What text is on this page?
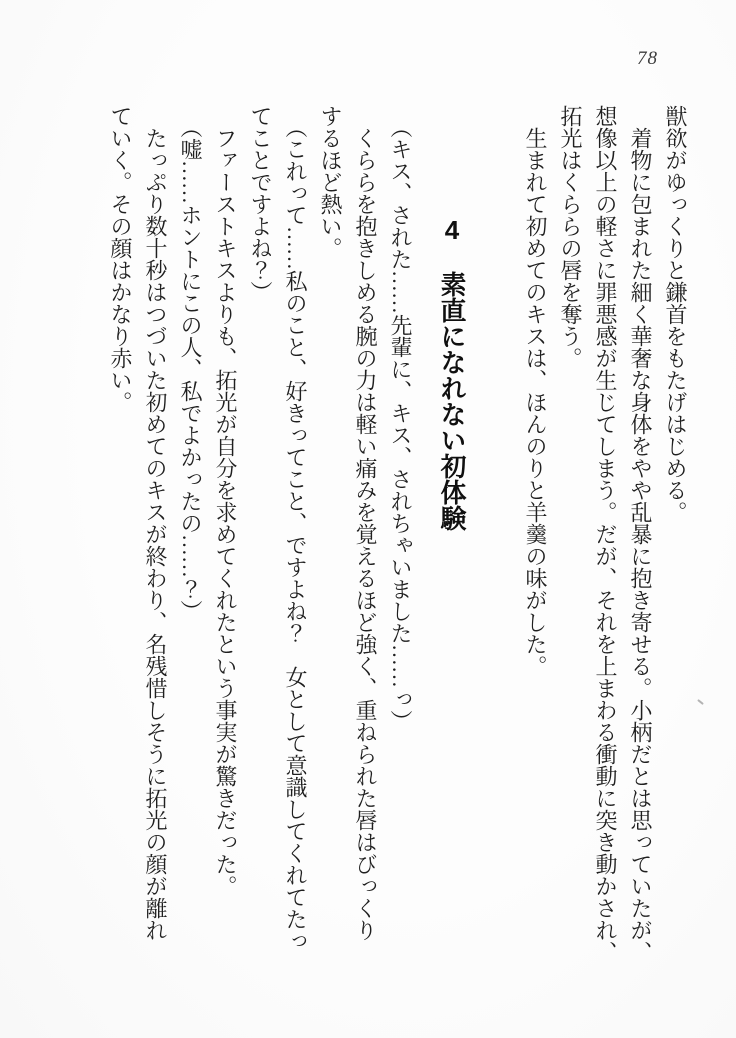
78

獣欲がゆっくりと鎌首をもたげはじめる。

着物に包まれた細く華奢な身体をやや乱暴に抱き寄せる。小柄だとは思っていたが、

想像以上の軽さに罪悪感が生じてしまう。だが、それを上まわる衝動に突き動かされ、

拓光はくららの唇を奪う。

生まれて初めてのキスは、ほんのりと羊羹の味がした。

4　素直になれない初体験

（キス、された……先輩に、キス、されちゃいました……っ）

くららを抱きしめる腕の力は軽い痛みを覚えるほど強く、重ねられた唇はびっくり

するほど熱い。

（これって……私のこと、好きってこと、ですよね？　女として意識してくれてたっ

てことですよね？）

ファーストキスよりも、拓光が自分を求めてくれたという事実が驚きだった。

（嘘……ホントにこの人、私でよかったの……？）

たっぷり数十秒はつづいた初めてのキスが終わり、名残惜しそうに拓光の顔が離れ

ていく。その顔はかなり赤い。
